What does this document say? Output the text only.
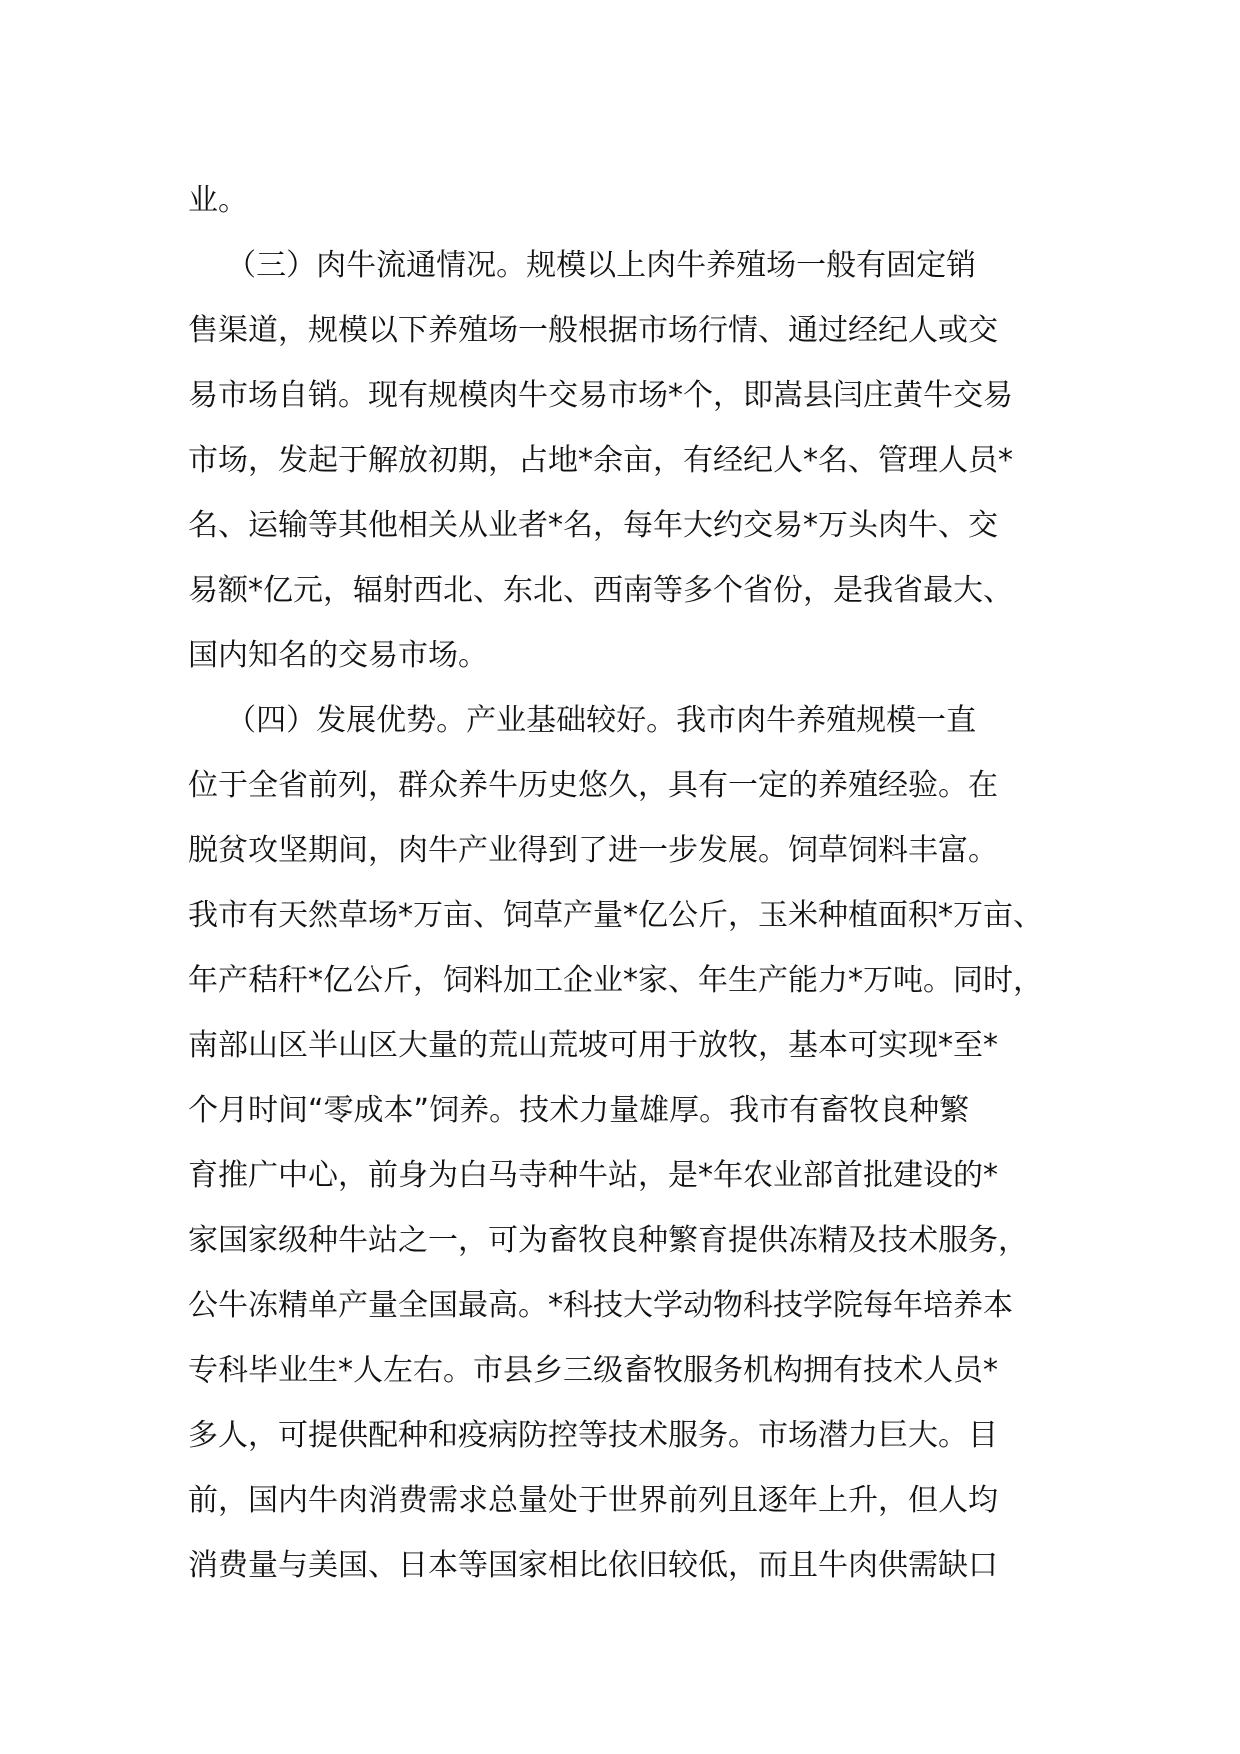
业。
（三）肉牛流通情况。规模以上肉牛养殖场一般有固定销
售渠道，规模以下养殖场一般根据市场行情、通过经纪人或交
易市场自销。现有规模肉牛交易市场*个，即嵩县闫庄黄牛交易
市场，发起于解放初期，占地*余亩，有经纪人*名、管理人员*
名、运输等其他相关从业者*名，每年大约交易*万头肉牛、交
易额*亿元，辐射西北、东北、西南等多个省份，是我省最大、
国内知名的交易市场。
（四）发展优势。产业基础较好。我市肉牛养殖规模一直
位于全省前列，群众养牛历史悠久，具有一定的养殖经验。在
脱贫攻坚期间，肉牛产业得到了进一步发展。饲草饲料丰富。
我市有天然草场*万亩、饲草产量*亿公斤，玉米种植面积*万亩、
年产秸秆*亿公斤，饲料加工企业*家、年生产能力*万吨。同时，
南部山区半山区大量的荒山荒坡可用于放牧，基本可实现*至*
个月时间“零成本”饲养。技术力量雄厚。我市有畜牧良种繁
育推广中心，前身为白马寺种牛站，是*年农业部首批建设的*
家国家级种牛站之一，可为畜牧良种繁育提供冻精及技术服务，
公牛冻精单产量全国最高。*科技大学动物科技学院每年培养本
专科毕业生*人左右。市县乡三级畜牧服务机构拥有技术人员*
多人，可提供配种和疫病防控等技术服务。市场潜力巨大。目
前，国内牛肉消费需求总量处于世界前列且逐年上升，但人均
消费量与美国、日本等国家相比依旧较低，而且牛肉供需缺口
